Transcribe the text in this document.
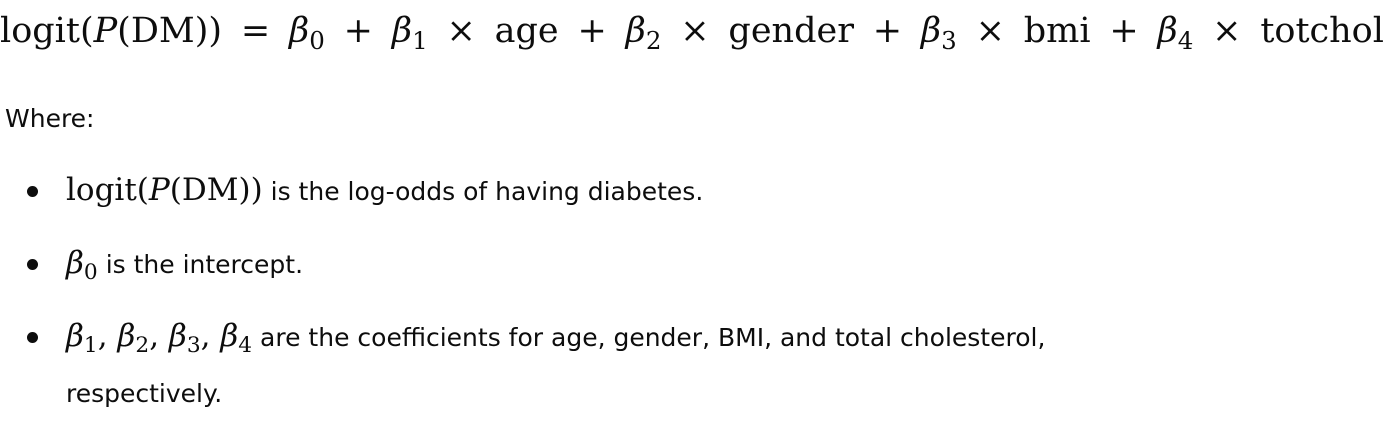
logit(P(DM)) = $\beta_0 + \beta_1$ × age + $\beta_2$ × gender + $\beta_3$ × bmi + $\beta_4$ × totchol
Where:
logit(P(DM)) is the log-odds of having diabetes.
$\beta_0$ is the intercept.
$\beta_1$, $\beta_2$, $\beta_3$, $\beta_4$ are the coefficients for age, gender, BMI, and total cholesterol,
respectively.
